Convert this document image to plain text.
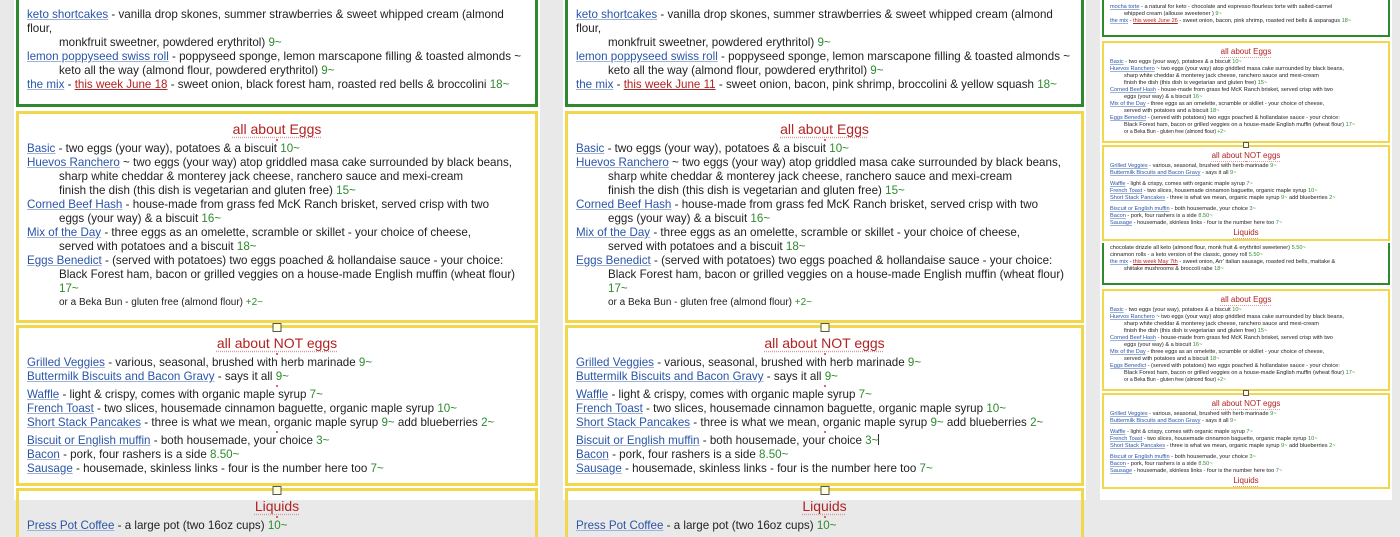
keto shortcakes - vanilla drop skones, summer strawberries & sweet whipped cream (almond flour,
monkfruit sweetner, powdered erythritol) 9~

lemon poppyseed swiss roll - poppyseed sponge, lemon marscapone filling & toasted almonds ~
keto all the way (almond flour, powdered erythritol) 9~

the mix - this week June 18 - sweet onion, black forest ham, roasted red bells & broccolini 18~

all about Eggs

Basic - two eggs (your way), potatoes & a biscuit 10~

Huevos Ranchero ~ two eggs (your way) atop griddled masa cake surrounded by black beans,
sharp white cheddar & monterey jack cheese, ranchero sauce and mexi-cream
finish the dish (this dish is vegetarian and gluten free) 15~

Corned Beef Hash - house-made from grass fed McK Ranch brisket, served crisp with two
eggs (your way) & a biscuit 16~

Mix of the Day - three eggs as an omelette, scramble or skillet - your choice of cheese,
served with potatoes and a biscuit 18~

Eggs Benedict - (served with potatoes) two eggs poached & hollandaise sauce - your choice:
Black Forest ham, bacon or grilled veggies on a house-made English muffin (wheat flour) 17~
or a Beka Bun - gluten free (almond flour) +2~

all about NOT eggs

Grilled Veggies - various, seasonal, brushed with herb marinade 9~

Buttermilk Biscuits and Bacon Gravy - says it all 9~

Waffle - light & crispy, comes with organic maple syrup 7~

French Toast - two slices, housemade cinnamon baguette, organic maple syrup 10~

Short Stack Pancakes - three is what we mean, organic maple syrup 9~ add blueberries 2~

Biscuit or English muffin - both housemade, your choice 3~

Bacon - pork, four rashers is a side 8.50~

Sausage - housemade, skinless links - four is the number here too 7~

Liquids

Press Pot Coffee - a large pot (two 16oz cups) 10~

keto shortcakes - vanilla drop skones, summer strawberries & sweet whipped cream (almond flour,
monkfruit sweetner, powdered erythritol) 9~

lemon poppyseed swiss roll - poppyseed sponge, lemon marscapone filling & toasted almonds ~
keto all the way (almond flour, powdered erythritol) 9~

the mix - this week June 11 - sweet onion, bacon, pink shrimp, broccolini & yellow squash 18~

all about Eggs

Basic - two eggs (your way), potatoes & a biscuit 10~

Huevos Ranchero ~ two eggs (your way) atop griddled masa cake surrounded by black beans,
sharp white cheddar & monterey jack cheese, ranchero sauce and mexi-cream
finish the dish (this dish is vegetarian and gluten free) 15~

Corned Beef Hash - house-made from grass fed McK Ranch brisket, served crisp with two
eggs (your way) & a biscuit 16~

Mix of the Day - three eggs as an omelette, scramble or skillet - your choice of cheese,
served with potatoes and a biscuit 18~

Eggs Benedict - (served with potatoes) two eggs poached & hollandaise sauce - your choice:
Black Forest ham, bacon or grilled veggies on a house-made English muffin (wheat flour) 17~
or a Beka Bun - gluten free (almond flour) +2~

all about NOT eggs

Grilled Veggies - various, seasonal, brushed with herb marinade 9~

Buttermilk Biscuits and Bacon Gravy - says it all 9~

Waffle - light & crispy, comes with organic maple syrup 7~

French Toast - two slices, housemade cinnamon baguette, organic maple syrup 10~

Short Stack Pancakes - three is what we mean, organic maple syrup 9~ add blueberries 2~

Biscuit or English muffin - both housemade, your choice 3~

Bacon - pork, four rashers is a side 8.50~

Sausage - housemade, skinless links - four is the number here too 7~

Liquids

Press Pot Coffee - a large pot (two 16oz cups) 10~

mocha torte - a natural for keto - chocolate and espresso flourless torte with salted-carmel
whipped cream (allouse sweetener ) 9~

the mix - this week June 26 - sweet onion, bacon, pink shrimp, roasted red bells & asparagus 18~

all about Eggs

Basic - two eggs (your way), potatoes & a biscuit 10~

Huevos Ranchero ~ two eggs (your way) atop griddled masa cake surrounded by black beans,
sharp white cheddar & monterey jack cheese, ranchero sauce and mexi-cream
finish the dish (this dish is vegetarian and gluten free) 15~

Corned Beef Hash - house-made from grass fed McK Ranch brisket, served crisp with two
eggs (your way) & a biscuit 16~

Mix of the Day - three eggs as an omelette, scramble or skillet - your choice of cheese,
served with potatoes and a biscuit 18~

Eggs Benedict - (served with potatoes) two eggs poached & hollandaise sauce - your choice:
Black Forest ham, bacon or grilled veggies on a house-made English muffin (wheat flour) 17~
or a Beka Bun - gluten free (almond flour) +2~

all about NOT eggs

Grilled Veggies - various, seasonal, brushed with herb marinade 9~

Buttermilk Biscuits and Bacon Gravy - says it all 9~

Waffle - light & crispy, comes with organic maple syrup 7~

French Toast - two slices, housemade cinnamon baguette, organic maple syrup 10~

Short Stack Pancakes - three is what we mean, organic maple syrup 9~ add blueberries 2~

Biscuit or English muffin - both housemade, your choice 3~

Bacon - pork, four rashers is a side 8.50~

Sausage - housemade, skinless links - four is the number here too 7~

Liquids

chocolate drizzle all keto (almond flour, monk fruit & erythritol sweetener) 5.50~

cinnamon rolls - a keto version of the classic, gooey roll 5.50~

the mix - this week May 7th - sweet onion, Arr' italian sausage, roasted red bells, maitake &
shiitake mushrooms & broccoli rabe 18~

all about Eggs

Basic - two eggs (your way), potatoes & a biscuit 10~

Huevos Ranchero ~ two eggs (your way) atop griddled masa cake surrounded by black beans,
sharp white cheddar & monterey jack cheese, ranchero sauce and mexi-cream
finish the dish (this dish is vegetarian and gluten free) 15~

Corned Beef Hash - house-made from grass fed McK Ranch brisket, served crisp with two
eggs (your way) & a biscuit 16~

Mix of the Day - three eggs as an omelette, scramble or skillet - your choice of cheese,
served with potatoes and a biscuit 18~

Eggs Benedict - (served with potatoes) two eggs poached & hollandaise sauce - your choice:
Black Forest ham, bacon or grilled veggies on a house-made English muffin (wheat flour) 17~
or a Beka Bun - gluten free (almond flour) +2~

all about NOT eggs

Grilled Veggies - various, seasonal, brushed with herb marinade 9~

Buttermilk Biscuits and Bacon Gravy - says it all 9~

Waffle - light & crispy, comes with organic maple syrup 7~

French Toast - two slices, housemade cinnamon baguette, organic maple syrup 10~

Short Stack Pancakes - three is what we mean, organic maple syrup 9~ add blueberries 2~

Biscuit or English muffin - both housemade, your choice 3~

Bacon - pork, four rashers is a side 8.50~

Sausage - housemade, skinless links - four is the number here too 7~

Liquids
